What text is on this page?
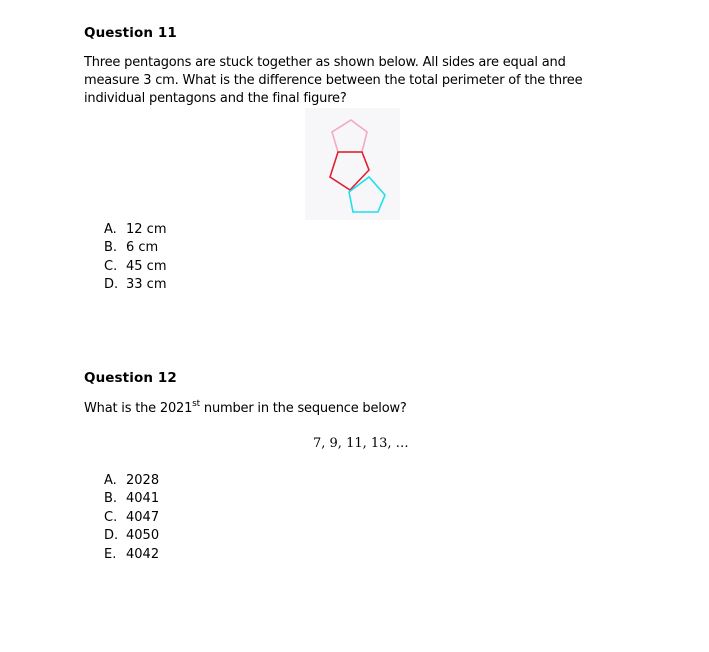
Question 11
Three pentagons are stuck together as shown below. All sides are equal and
measure 3 cm. What is the difference between the total perimeter of the three
individual pentagons and the final figure?
A. 12 cm
B. 6 cm
C. 45 cm
D. 33 cm
Question 12
What is the 2021st number in the sequence below?
7, 9, 11, 13, …
A. 2028
B. 4041
C. 4047
D. 4050
E. 4042
